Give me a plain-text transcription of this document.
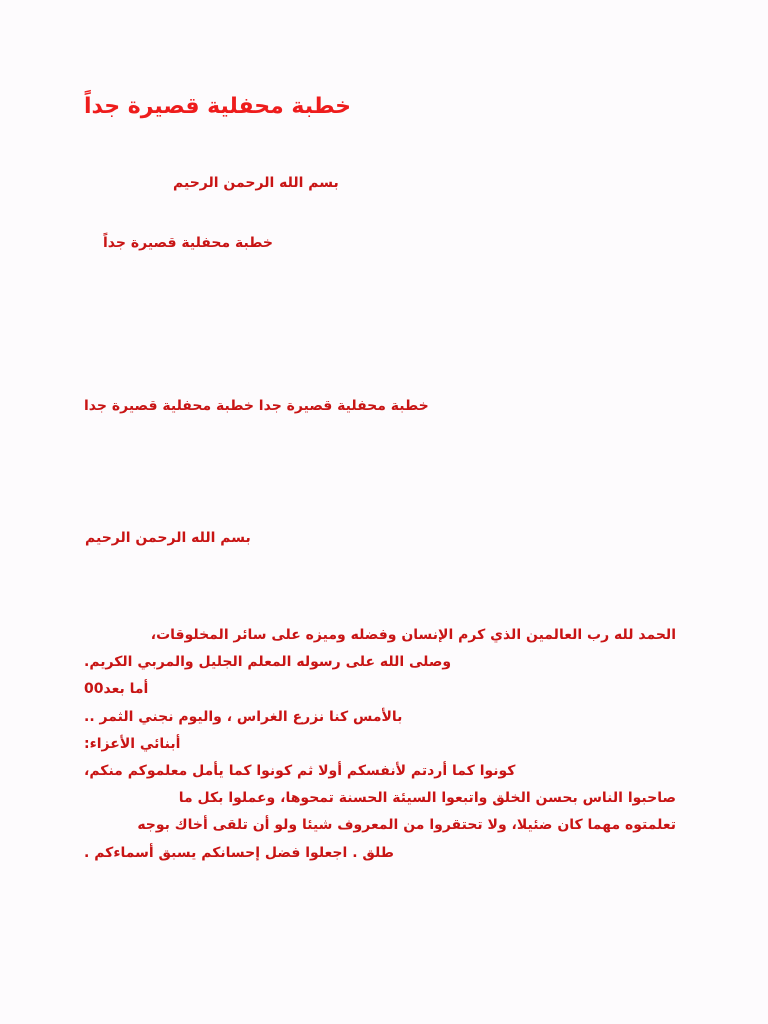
خطبة محفلية قصيرة جداً

بسم الله الرحمن الرحيم

خطبة محفلية قصيرة جداً

خطبة محفلية قصيرة جدا خطبة محفلية قصيرة جدا

بسم الله الرحمن الرحيم

الحمد لله رب العالمين الذي كرم الإنسان وفضله وميزه على سائر المخلوقات،
وصلى الله على رسوله المعلم الجليل والمربي الكريم.
أما بعد00
بالأمس كنا نزرع الغراس ، واليوم نجني الثمر ..
أبنائي الأعزاء:
كونوا كما أردتم لأنفسكم أولا ثم كونوا كما يأمل معلموكم منكم،
صاحبوا الناس بحسن الخلق واتبعوا السيئة الحسنة تمحوها، وعملوا بكل ما
تعلمتوه مهما كان ضئيلا، ولا تحتقروا من المعروف شيئا ولو أن تلقى أخاك بوجه
طلق . اجعلوا فضل إحسانكم يسبق أسماءكم .
